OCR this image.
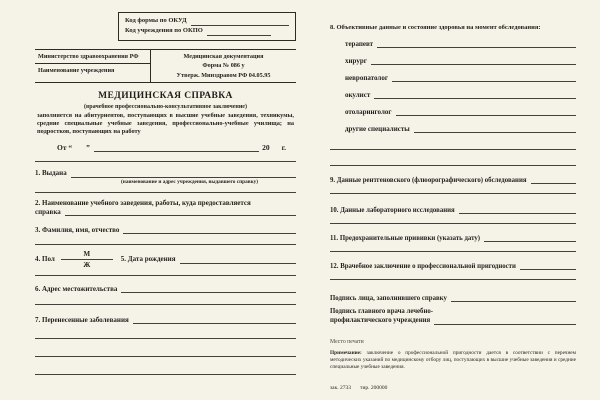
Код формы по ОКУД
Код учреждения по ОКПО
Министерство здравоохранения РФ
Наименование учреждения
Медицинская документация
Форма № 086 у
Утверж. Минздравом РФ 04.05.95
МЕДИЦИНСКАЯ СПРАВКА
(врачебное профессионально-консультативное заключение)
заполняется на абитуриентов, поступающих в высшие учебные заведения, техникумы, средние специальные учебные заведения, профессионально-учебные училища; на подростков, поступающих на работу
От “ ”	20 г.
1. Выдана
(наименование и адрес учреждения, выдавшего справку)
2. Наименование учебного заведения, работы, куда предоставляется
справка
3. Фамилия, имя, отчество
4. Пол
М
Ж
5. Дата рождения
6. Адрес местожительства
7. Перенесенные заболевания
8. Объективные данные и состояние здоровья на момент обследования:
терапевт
хирург
невропатолог
окулист
отоларинголог
другие специалисты
9. Данные рентгеновского (флюорографического) обследования
10. Данные лабораторного исследования
11. Предохранительные прививки (указать дату)
12. Врачебное заключение о профессиональной пригодности
Подпись лица, заполнившего справку
Подпись главного врача лечебно-
профилактического учреждения
Место печати
Примечание: заключение о профессиональной пригодности дается в соответствии с перечнем методических указаний по медицинскому отбору лиц, поступающих в высшие учебные заведения и средние специальные учебные заведения.
зак. 2733 тир. 200000
